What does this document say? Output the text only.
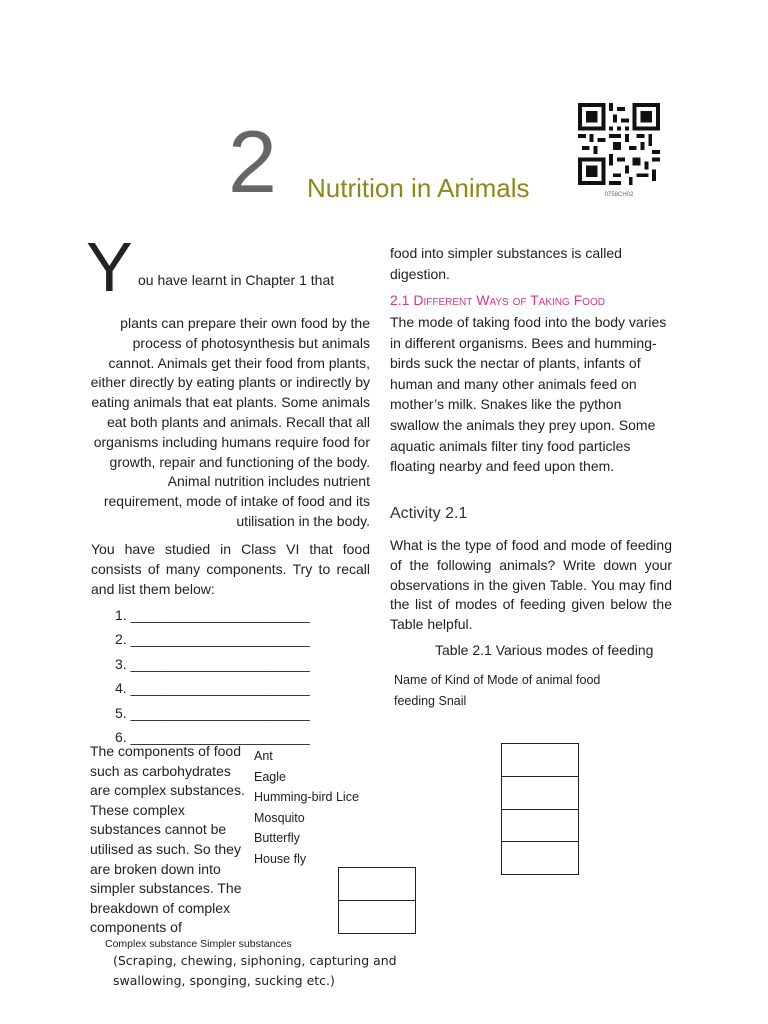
2 Nutrition in Animals	0758CH02
Y ou have learnt in Chapter 1 that
plants can prepare their own food by the process of photosynthesis but animals cannot. Animals get their food from plants, either directly by eating plants or indirectly by eating animals that eat plants. Some animals eat both plants and animals. Recall that all organisms including humans require food for growth, repair and functioning of the body. Animal nutrition includes nutrient requirement, mode of intake of food and its utilisation in the body.
You have studied in Class VI that food consists of many components. Try to recall and list them below:
1. _______________________
2. _______________________
3. _______________________
4. _______________________
5. _______________________
6. _______________________
The components of food such as carbohydrates are complex substances. These complex substances cannot be utilised as such. So they are broken down into simpler substances. The breakdown of complex components of
Ant
Eagle
Humming-bird Lice
Mosquito
Butterfly
House fly
Complex substance Simpler substances
(Scraping, chewing, siphoning, capturing and swallowing, sponging, sucking etc.)
food into simpler substances is called digestion.
2.1 Different Ways of Taking Food
The mode of taking food into the body varies in different organisms. Bees and humming-birds suck the nectar of plants, infants of human and many other animals feed on mother’s milk. Snakes like the python swallow the animals they prey upon. Some aquatic animals filter tiny food particles floating nearby and feed upon them.
Activity 2.1
What is the type of food and mode of feeding of the following animals? Write down your observations in the given Table. You may find the list of modes of feeding given below the Table helpful.
Table 2.1 Various modes of feeding
Name of Kind of Mode of animal food
feeding Snail
